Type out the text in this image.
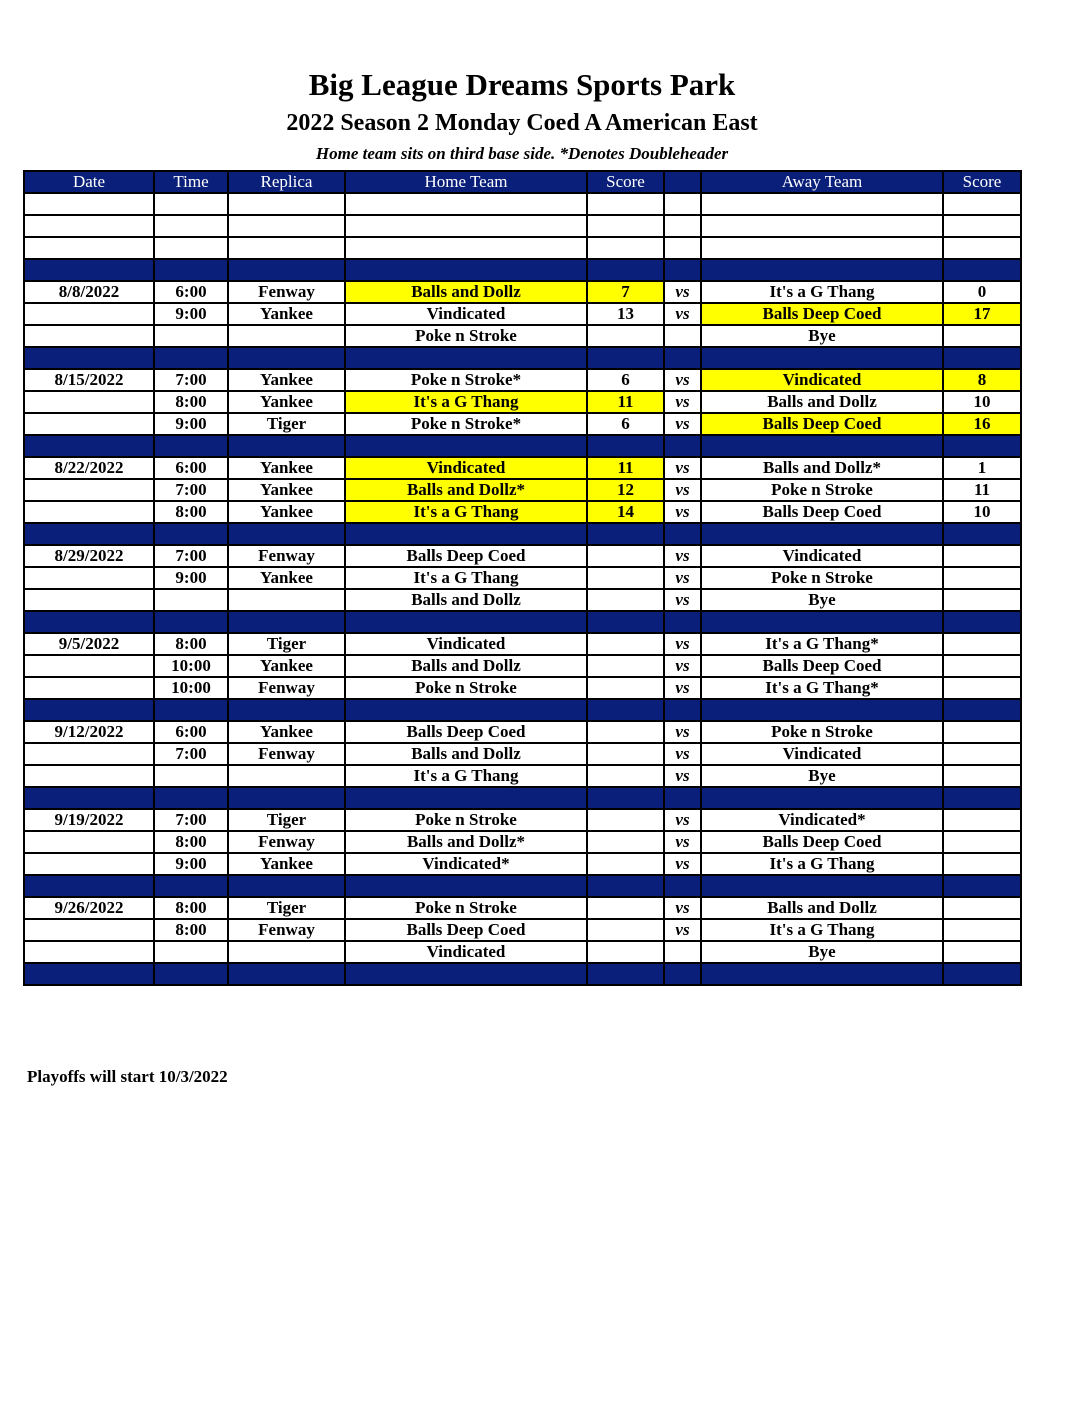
Big League Dreams Sports Park
2022 Season 2 Monday Coed A American East
Home team sits on third base side. *Denotes Doubleheader
Date	Time	Replica	Home Team	Score		Away Team	Score

8/8/2022	6:00	Fenway	Balls and Dollz	7	vs	It's a G Thang	0
	9:00	Yankee	Vindicated	13	vs	Balls Deep Coed	17
			Poke n Stroke			Bye	

8/15/2022	7:00	Yankee	Poke n Stroke*	6	vs	Vindicated	8
	8:00	Yankee	It's a G Thang	11	vs	Balls and Dollz	10
	9:00	Tiger	Poke n Stroke*	6	vs	Balls Deep Coed	16

8/22/2022	6:00	Yankee	Vindicated	11	vs	Balls and Dollz*	1
	7:00	Yankee	Balls and Dollz*	12	vs	Poke n Stroke	11
	8:00	Yankee	It's a G Thang	14	vs	Balls Deep Coed	10

8/29/2022	7:00	Fenway	Balls Deep Coed		vs	Vindicated	
	9:00	Yankee	It's a G Thang		vs	Poke n Stroke	
			Balls and Dollz		vs	Bye	

9/5/2022	8:00	Tiger	Vindicated		vs	It's a G Thang*	
	10:00	Yankee	Balls and Dollz		vs	Balls Deep Coed	
	10:00	Fenway	Poke n Stroke		vs	It's a G Thang*	

9/12/2022	6:00	Yankee	Balls Deep Coed		vs	Poke n Stroke	
	7:00	Fenway	Balls and Dollz		vs	Vindicated	
			It's a G Thang		vs	Bye	

9/19/2022	7:00	Tiger	Poke n Stroke		vs	Vindicated*	
	8:00	Fenway	Balls and Dollz*		vs	Balls Deep Coed	
	9:00	Yankee	Vindicated*		vs	It's a G Thang	

9/26/2022	8:00	Tiger	Poke n Stroke		vs	Balls and Dollz	
	8:00	Fenway	Balls Deep Coed		vs	It's a G Thang	
			Vindicated			Bye	

Playoffs will start 10/3/2022
